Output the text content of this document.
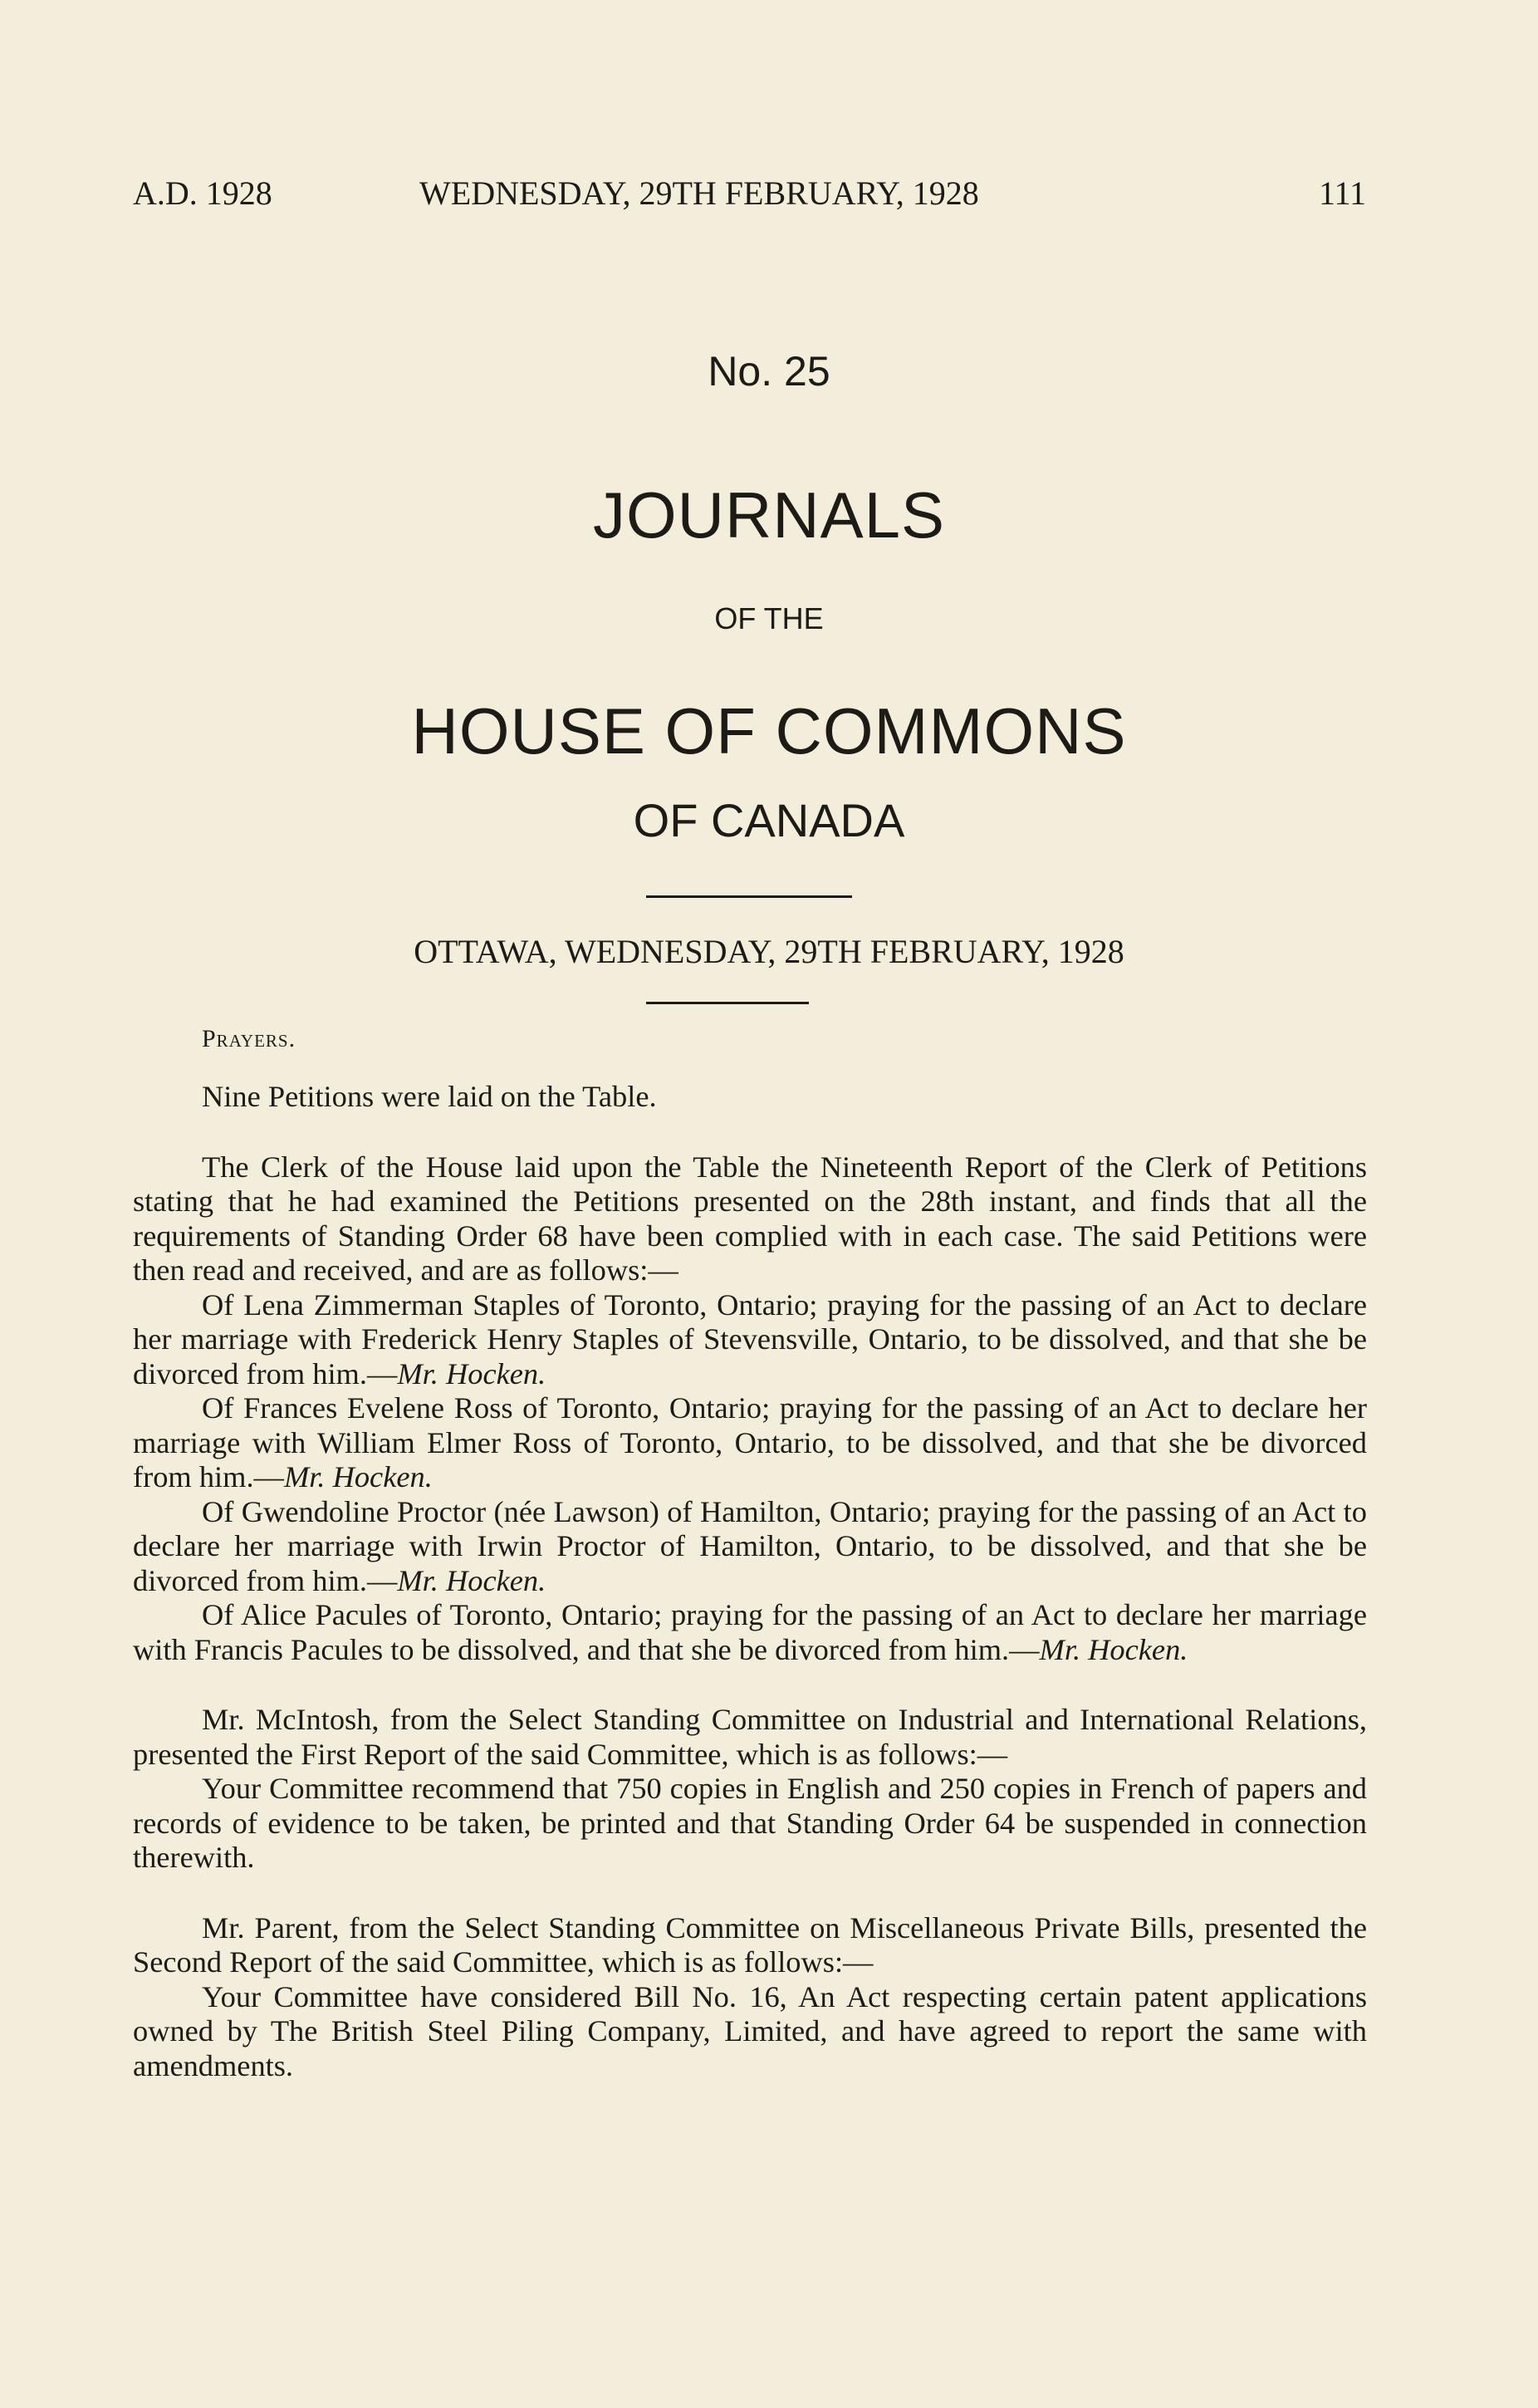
A.D. 1928	WEDNESDAY, 29TH FEBRUARY, 1928	111
No. 25
JOURNALS
OF THE
HOUSE OF COMMONS
OF CANADA
OTTAWA, WEDNESDAY, 29TH FEBRUARY, 1928
Prayers.

Nine Petitions were laid on the Table.

The Clerk of the House laid upon the Table the Nineteenth Report of the Clerk of Petitions stating that he had examined the Petitions presented on the 28th instant, and finds that all the requirements of Standing Order 68 have been complied with in each case. The said Petitions were then read and received, and are as follows:—

Of Lena Zimmerman Staples of Toronto, Ontario; praying for the passing of an Act to declare her marriage with Frederick Henry Staples of Stevensville, Ontario, to be dissolved, and that she be divorced from him.—Mr. Hocken.

Of Frances Evelene Ross of Toronto, Ontario; praying for the passing of an Act to declare her marriage with William Elmer Ross of Toronto, Ontario, to be dissolved, and that she be divorced from him.—Mr. Hocken.

Of Gwendoline Proctor (née Lawson) of Hamilton, Ontario; praying for the passing of an Act to declare her marriage with Irwin Proctor of Hamilton, Ontario, to be dissolved, and that she be divorced from him.—Mr. Hocken.

Of Alice Pacules of Toronto, Ontario; praying for the passing of an Act to declare her marriage with Francis Pacules to be dissolved, and that she be divorced from him.—Mr. Hocken.

Mr. McIntosh, from the Select Standing Committee on Industrial and International Relations, presented the First Report of the said Committee, which is as follows:—

Your Committee recommend that 750 copies in English and 250 copies in French of papers and records of evidence to be taken, be printed and that Standing Order 64 be suspended in connection therewith.

Mr. Parent, from the Select Standing Committee on Miscellaneous Private Bills, presented the Second Report of the said Committee, which is as follows:—

Your Committee have considered Bill No. 16, An Act respecting certain patent applications owned by The British Steel Piling Company, Limited, and have agreed to report the same with amendments.
